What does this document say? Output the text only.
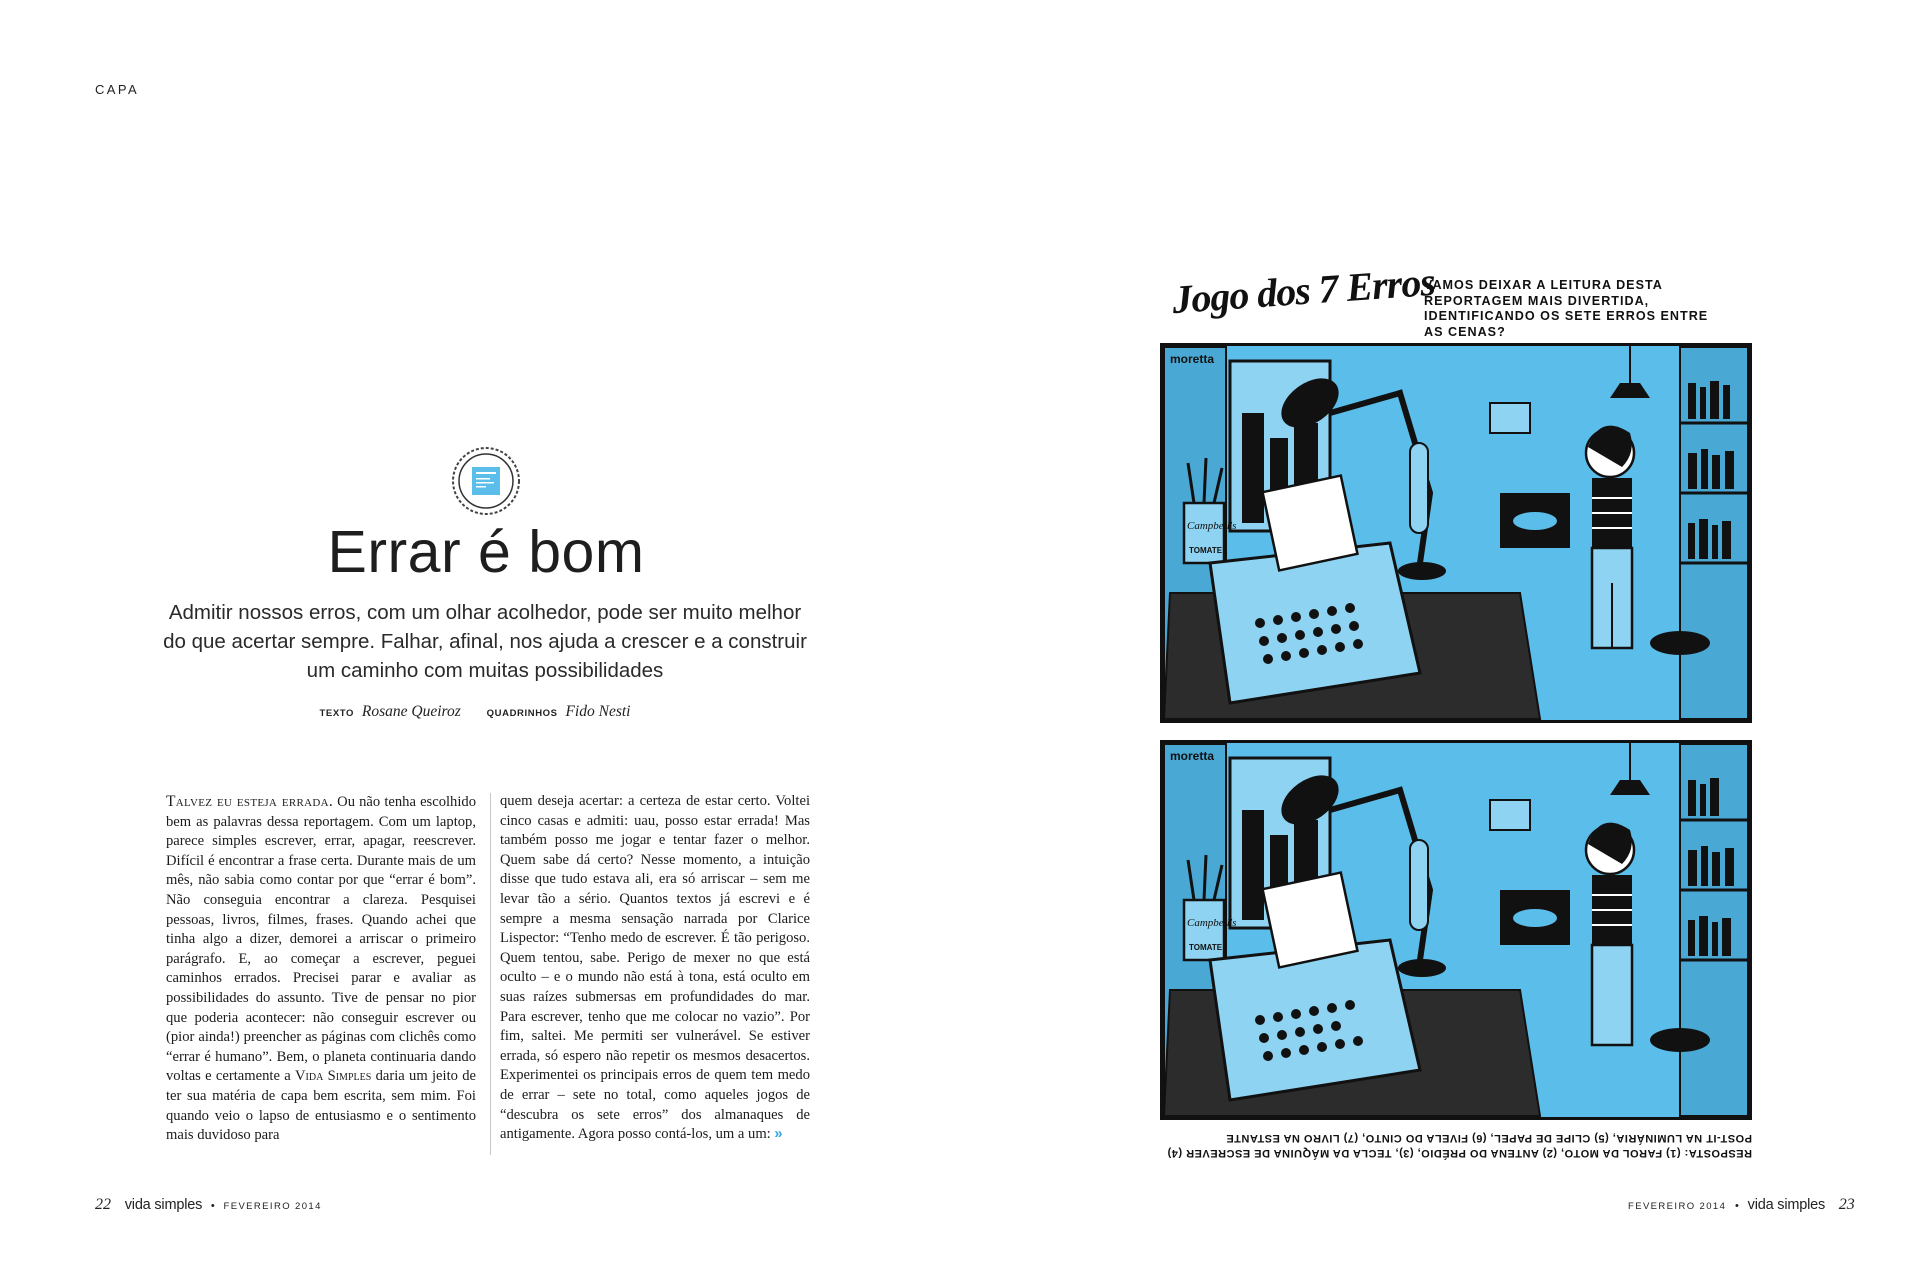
CAPA
Errar é bom
Admitir nossos erros, com um olhar acolhedor, pode ser muito melhor do que acertar sempre. Falhar, afinal, nos ajuda a crescer e a construir um caminho com muitas possibilidades
TEXTO Rosane Queiroz	QUADRINHOS Fido Nesti
Talvez eu esteja errada. Ou não tenha escolhido bem as palavras dessa reportagem. Com um laptop, parece simples escrever, errar, apagar, reescrever. Difícil é encontrar a frase certa. Durante mais de um mês, não sabia como contar por que “errar é bom”. Não conseguia encontrar a clareza. Pesquisei pessoas, livros, filmes, frases. Quando achei que tinha algo a dizer, demorei a arriscar o primeiro parágrafo. E, ao começar a escrever, peguei caminhos errados. Precisei parar e avaliar as possibilidades do assunto. Tive de pensar no pior que poderia acontecer: não conseguir escrever ou (pior ainda!) preencher as páginas com clichês como “errar é humano”. Bem, o planeta continuaria dando voltas e certamente a Vida Simples daria um jeito de ter sua matéria de capa bem escrita, sem mim. Foi quando veio o lapso de entusiasmo e o sentimento mais duvidoso para
quem deseja acertar: a certeza de estar certo. Voltei cinco casas e admiti: uau, posso estar errada! Mas também posso me jogar e tentar fazer o melhor. Quem sabe dá certo? Nesse momento, a intuição disse que tudo estava ali, era só arriscar – sem me levar tão a sério. Quantos textos já escrevi e é sempre a mesma sensação narrada por Clarice Lispector: “Tenho medo de escrever. É tão perigoso. Quem tentou, sabe. Perigo de mexer no que está oculto – e o mundo não está à tona, está oculto em suas raízes submersas em profundidades do mar. Para escrever, tenho que me colocar no vazio”. Por fim, saltei. Me permiti ser vulnerável. Se estiver errada, só espero não repetir os mesmos desacertos. Experimentei os principais erros de quem tem medo de errar – sete no total, como aqueles jogos de “descubra os sete erros” dos almanaques de antigamente. Agora posso contá-los, um a um: »
22 vida simples • FEVEREIRO 2014	FEVEREIRO 2014 • vida simples 23
Jogo dos 7 Erros
VAMOS DEIXAR A LEITURA DESTA REPORTAGEM MAIS DIVERTIDA, IDENTIFICANDO OS SETE ERROS ENTRE AS CENAS?
Campbell's
TOMATE
moretta
Campbell's
TOMATE
moretta
RESPOSTA: (1) FAROL DA MOTO, (2) ANTENA DO PRÉDIO, (3), TECLA DA MÁQUINA DE ESCREVER (4) POST-IT NA LUMINÁRIA, (5) CLIPE DE PAPEL, (6) FIVELA DO CINTO, (7) LIVRO NA ESTANTE
